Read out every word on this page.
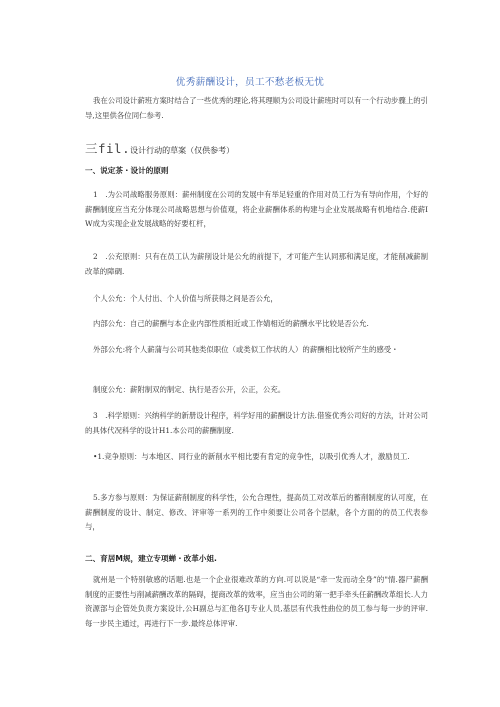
优秀薪酬设计，员工不愁老板无忧
我在公司设计薪班方案时结合了一些优秀的理论,将其理顺为公司设计薪班时可以有一个行动步骤上的引导,这里供各位同仁参考.
三fil.设计行动的草案（仅供参考）
一、说定茶・设计的原则
1　.为公司战略服务原则：薪州制度在公司的发展中有举足轻重的作用对员工行为有导向作用，个好的薪酬制度应当充分体现公司战略思想与价值观，将企业薪酬体系的构建与企业发展战略有机地结合.使薪IW成为实现企业发展战略的好要杠杆，
2　.公充原则：只有在员工认为薪削设计是公允的前提下，才可能产生认同那和满足度，才能削减薪制改革的障碉.
个人公允：个人付出、个人价值与所获得之间是否公允，
内部公允：自己的薪酬与本企业内部性质相近或工作婧相近的薪酬水平比较是否公允.
外部公允:将个人薪蒲与公司其他类似职位（或类似工作状的人）的薪酬相比较所产生的感受・
制度公允：薪附制双的制定、执行是否公开，公正，公充。
3　.科学原则：兴纳科学的新册设计程序，科学好用的薪酬设计方法.借鉴优秀公司好的方法，计对公司的具体代况科学的设计H1.本公司的薪酬制度.
•1.竞争原则：与本地区、同行业的新削水平相比要有肯定的竞争性，以吸引优秀人才，激励员工.
5.多方参与原则：为保证薪削制度的科学性，公允合理性，提高员工对改革后的蓄削制度的认可度，在薪酬制度的设计、制定、修改、评审等一系列的工作中须要让公司各个层献，各个方面的的员工代表参与，
二、育居M规，建立专项蝉・改革小姐.
就州是一个特别敏感的话题.也是一个企业很难改革的方向.可以说是“牵一发而动全身”的"情.器尸薪酬制度的正要性与削减薪酬改革的隔碍，提商改革的效率，应当由公司的第一把手牵头任薪酬改革组长.人力资源部与企管处负责方案设计,公H副总与汇他各IJ专业人员,基层有代我性曲位的员工参与每一步的评审.每一步民主通过，再进行下一步.最终总体评审.
